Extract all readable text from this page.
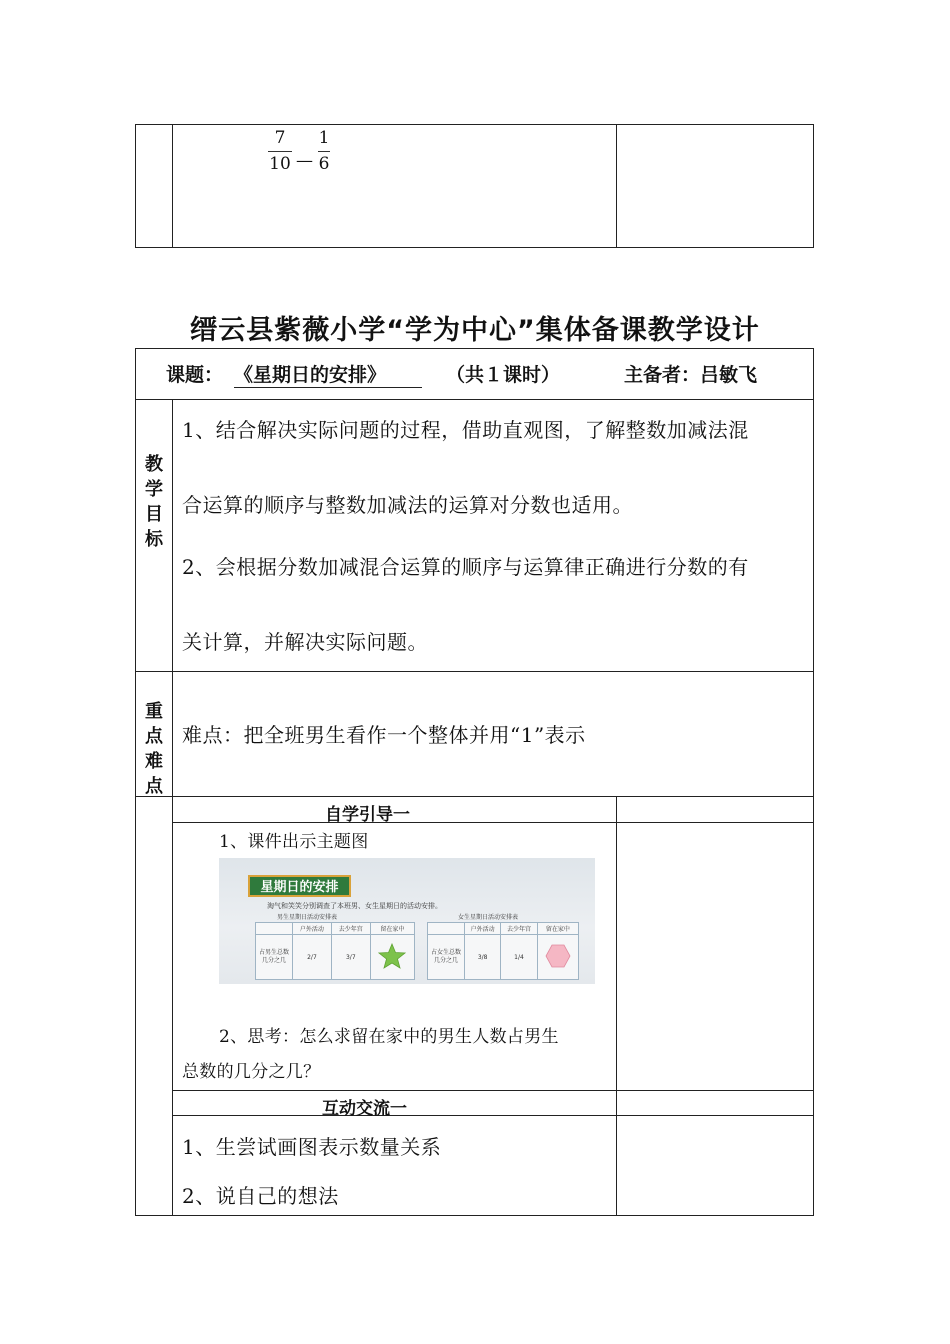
7
10 —
1
6
缙云县紫薇小学“学为中心”集体备课教学设计
课题： 《星期日的安排》	（共１课时）	主备者：吕敏飞
教
学
目
标
1、结合解决实际问题的过程，借助直观图，了解整数加减法混
合运算的顺序与整数加减法的运算对分数也适用。
2、会根据分数加减混合运算的顺序与运算律正确进行分数的有
关计算，并解决实际问题。
重
点
难
点
难点：把全班男生看作一个整体并用“1”表示
自学引导一
1、课件出示主题图
星期日的安排
淘气和笑笑分别调查了本班男、女生星期日的活动安排。
男生星期日活动安排表	女生星期日活动安排表
	户外活动	去少年宫	留在家中
占男生总数几分之几	2/7	3/7	
	户外活动	去少年宫	留在家中
占女生总数几分之几	3/8	1/4	
2、思考：怎么求留在家中的男生人数占男生
总数的几分之几？
互动交流一
1、生尝试画图表示数量关系
2、说自己的想法
